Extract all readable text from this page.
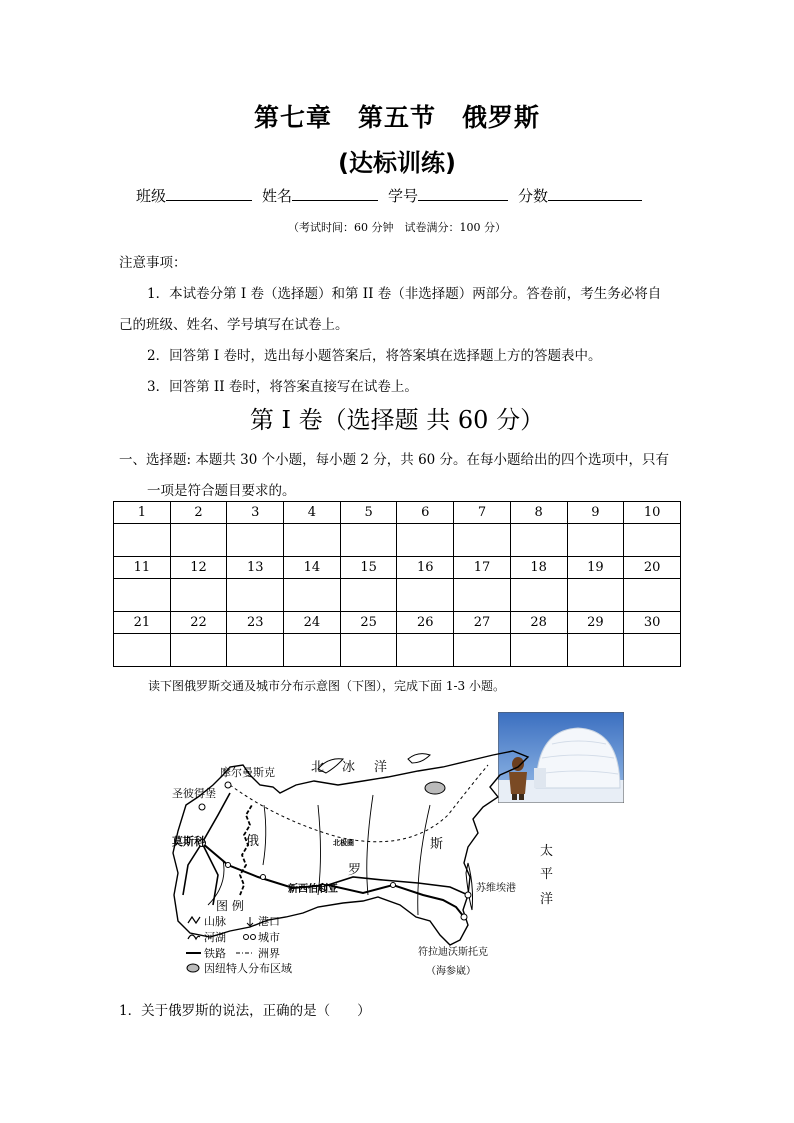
第七章　第五节　俄罗斯
(达标训练)
班级	姓名	学号	分数
（考试时间：60 分钟　试卷满分：100 分）
注意事项：
1．本试卷分第 I 卷（选择题）和第 II 卷（非选择题）两部分。答卷前，考生务必将自
己的班级、姓名、学号填写在试卷上。
2．回答第 I 卷时，选出每小题答案后，将答案填在选择题上方的答题表中。
3．回答第 II 卷时，将答案直接写在试卷上。
第 I 卷（选择题 共 60 分）
一、选择题: 本题共 30 个小题，每小题 2 分，共 60 分。在每小题给出的四个选项中，只有
一项是符合题目要求的。
1	2	3	4	5	6	7	8	9	10

11	12	13	14	15	16	17	18	19	20

21	22	23	24	25	26	27	28	29	30

读下图俄罗斯交通及城市分布示意图（下图），完成下面 1-3 小题。
摩尔曼斯克
圣彼得堡
莫斯科
新西伯利亚	苏维埃港
符拉迪沃斯托克
（海参崴）
北极圈
北 冰 洋
俄
罗
斯	太
平
洋
图 例
山脉	港口
河湖	城市
铁路	洲界
因纽特人分布区域
1．关于俄罗斯的说法，正确的是（　　）
